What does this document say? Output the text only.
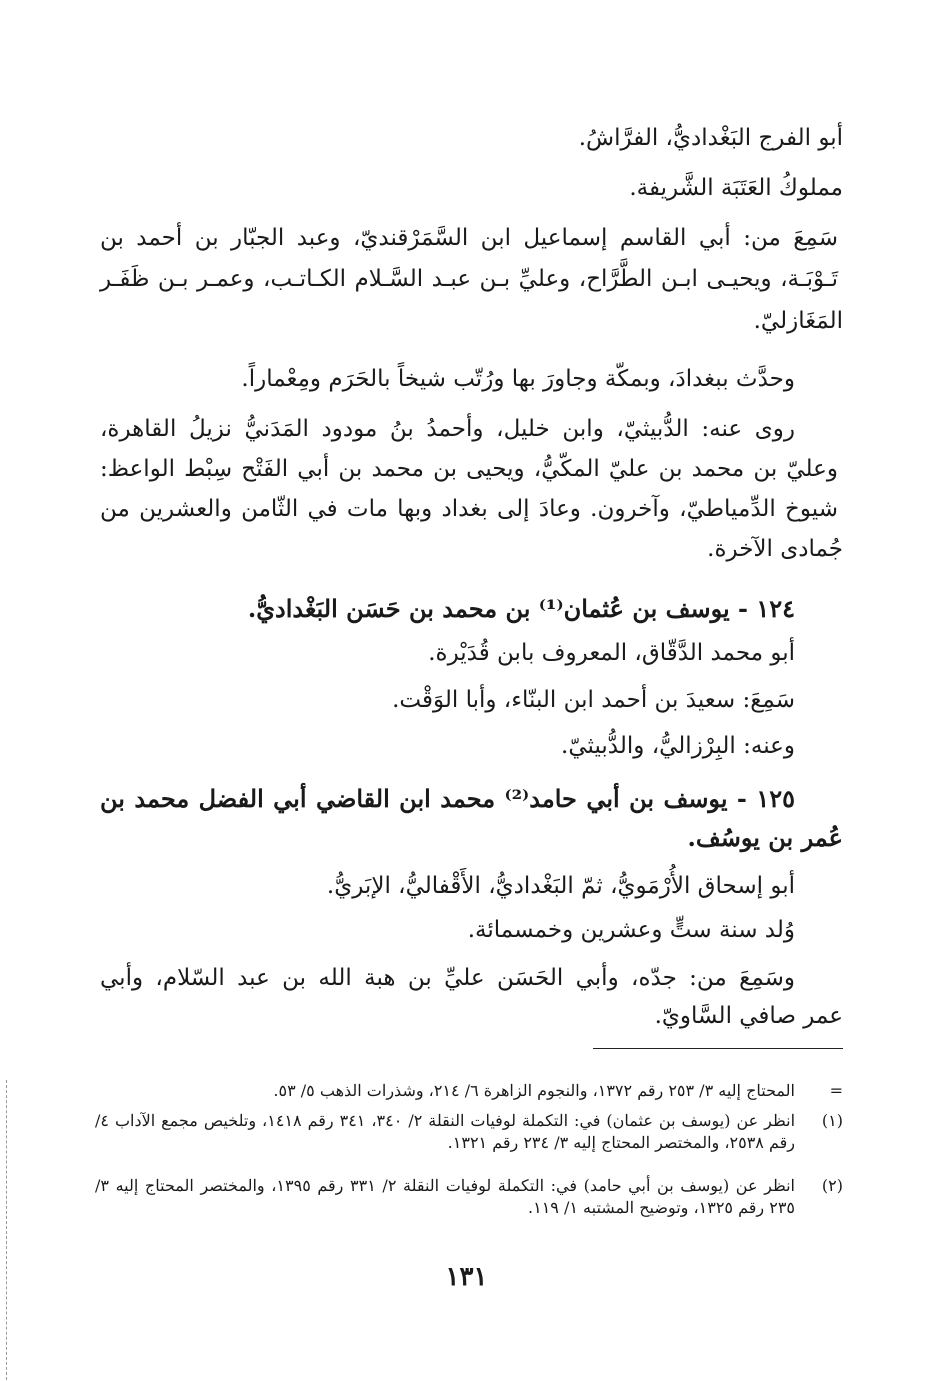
أبو الفرج البَغْداديُّ، الفرَّاشُ.
مملوكُ العَتَبَة الشَّريفة.
سَمِعَ من: أبي القاسم إسماعيل ابن السَّمَرْقنديّ، وعبد الجبّار بن أحمد بن
تَـوْبَـة، ويحيـى ابـن الطَّرَّاح، وعليِّ بـن عبـد السَّـلام الكـاتـب، وعمـر بـن ظَفَـر
المَغَازليّ.
وحدَّث ببغدادَ، وبمكّة وجاورَ بها ورُتّب شيخاً بالحَرَم ومِعْماراً.
روى عنه: الدُّبيثيّ، وابن خليل، وأحمدُ بنُ مودود المَدَنيُّ نزيلُ القاهرة،
وعليّ بن محمد بن عليّ المكّيُّ، ويحيى بن محمد بن أبي الفَتْح سِبْط الواعظ:
شيوخ الدِّمياطيّ، وآخرون. وعادَ إلى بغداد وبها مات في الثّامن والعشرين من
جُمادى الآخرة.
١٢٤ - يوسف بن عُثمان⁽¹⁾ بن محمد بن حَسَن البَغْداديُّ.
أبو محمد الدَّقّاق، المعروف بابن قُدَيْرة.
سَمِعَ: سعيدَ بن أحمد ابن البنّاء، وأبا الوَقْت.
وعنه: البِرْزاليُّ، والدُّبيثيّ.
١٢٥ - يوسف بن أبي حامد⁽²⁾ محمد ابن القاضي أبي الفضل محمد بن
عُمر بن يوسُف.
أبو إسحاق الأُرْمَويُّ، ثمّ البَغْداديُّ، الأَقْفاليُّ، الإبَريُّ.
وُلد سنة ستٍّ وعشرين وخمسمائة.
وسَمِعَ من: جدّه، وأبي الحَسَن عليِّ بن هبة الله بن عبد السّلام، وأبي
عمر صافي السَّاويّ.
=
المحتاج إليه ٣/ ٢٥٣ رقم ١٣٧٢، والنجوم الزاهرة ٦/ ٢١٤، وشذرات الذهب ٥/ ٥٣.
(١)
انظر عن (يوسف بن عثمان) في: التكملة لوفيات النقلة ٢/ ٣٤٠، ٣٤١ رقم ١٤١٨، وتلخيص مجمع الآداب ٤/رقم ٢٥٣٨، والمختصر المحتاج إليه ٣/ ٢٣٤ رقم ١٣٢١.
(٢)
انظر عن (يوسف بن أبي حامد) في: التكملة لوفيات النقلة ٢/ ٣٣١ رقم ١٣٩٥، والمختصر المحتاج إليه ٣/ ٢٣٥ رقم ١٣٢٥، وتوضيح المشتبه ١/ ١١٩.
١٣١
